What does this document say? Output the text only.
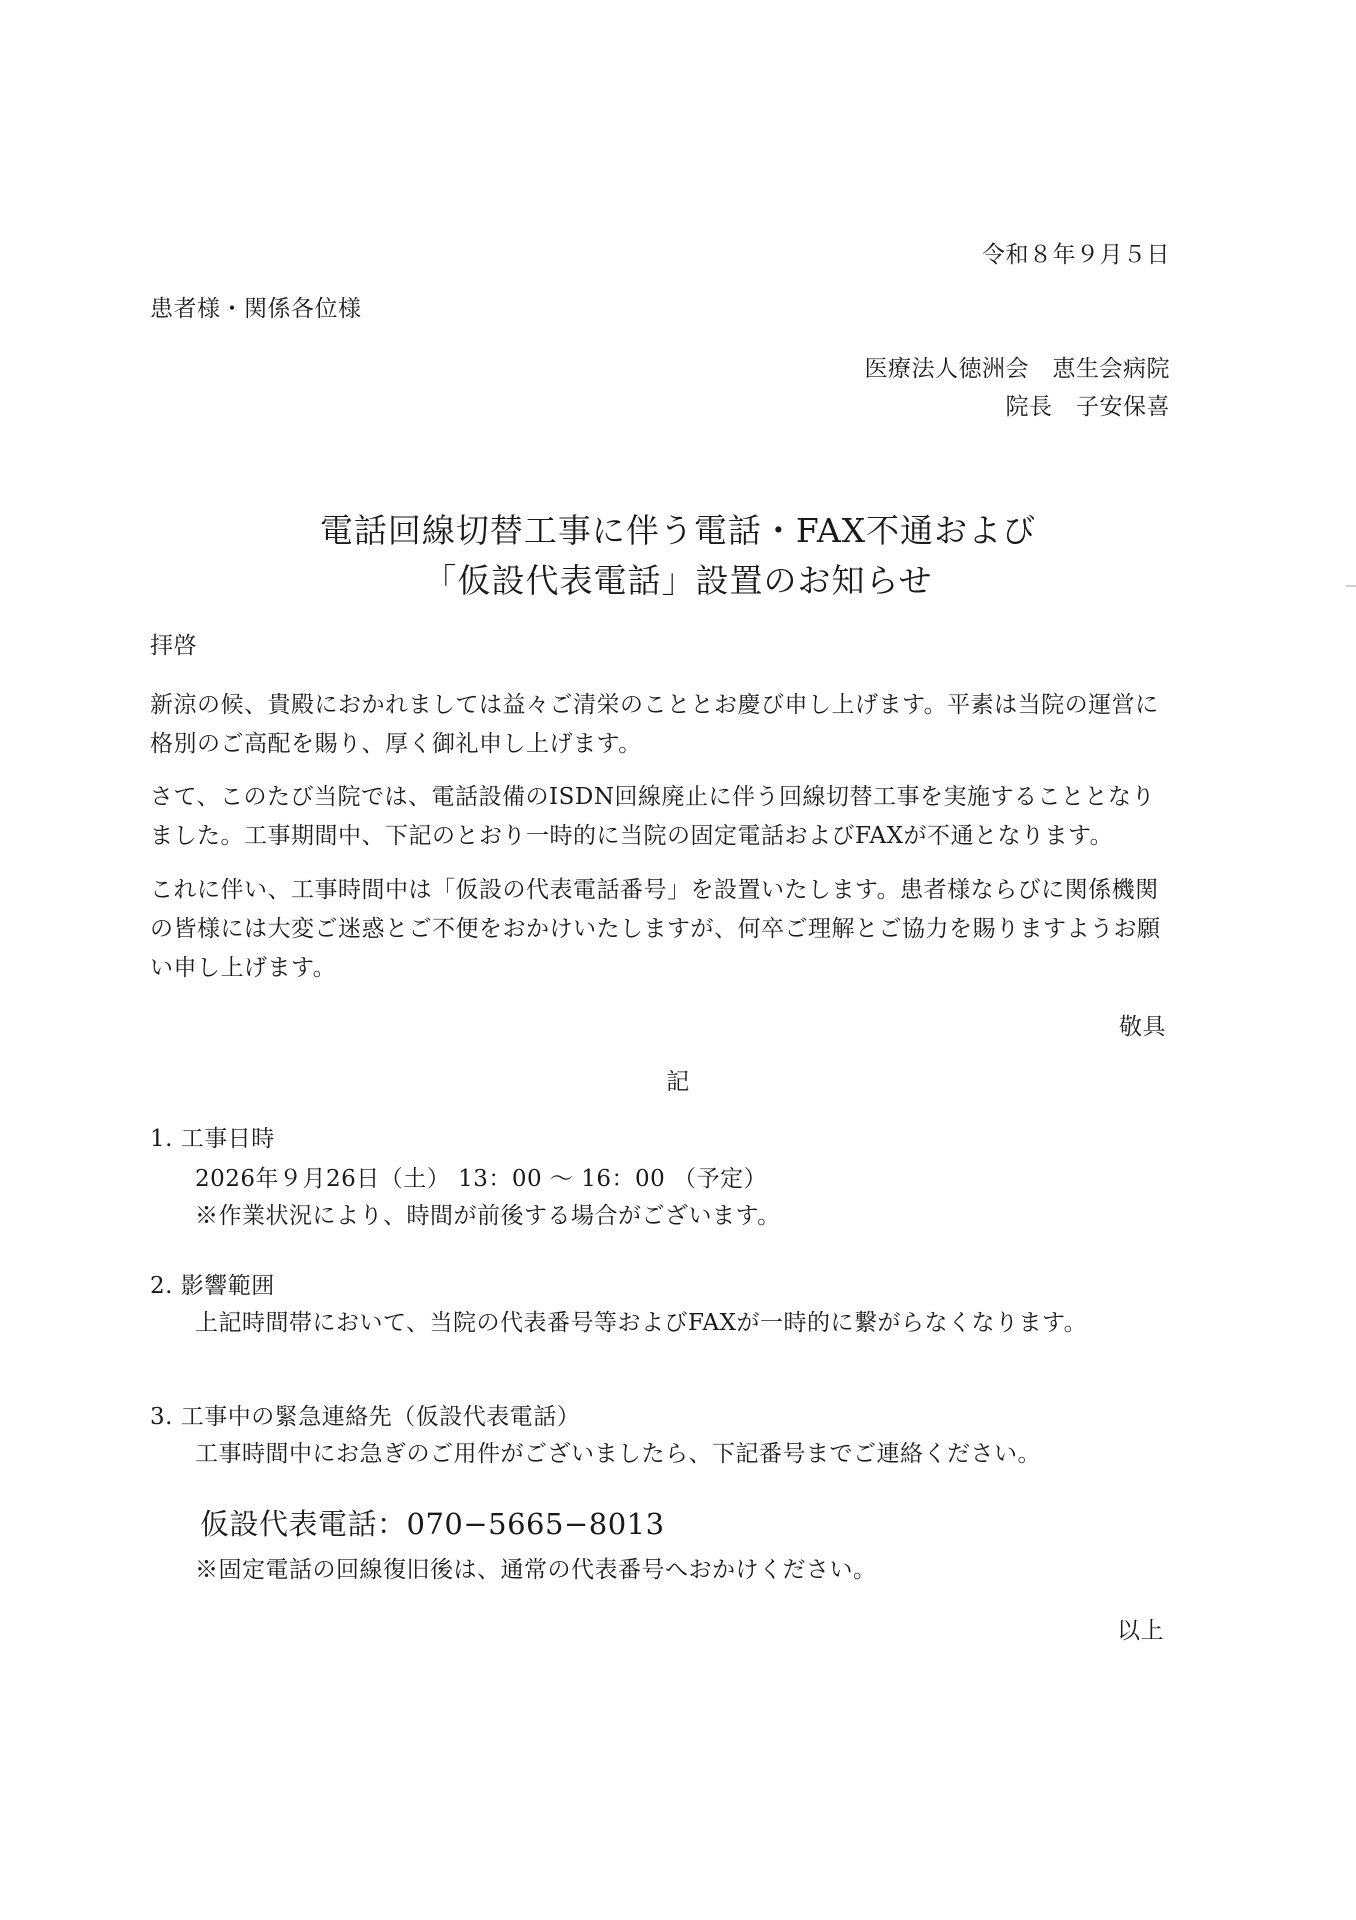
令和８年９月５日
患者様・関係各位様
医療法人徳洲会　恵生会病院
院長　子安保喜
電話回線切替工事に伴う電話・FAX不通および
「仮設代表電話」設置のお知らせ
拝啓
新涼の候、貴殿におかれましては益々ご清栄のこととお慶び申し上げます。平素は当院の運営に格別のご高配を賜り、厚く御礼申し上げます。
さて、このたび当院では、電話設備のISDN回線廃止に伴う回線切替工事を実施することとなりました。工事期間中、下記のとおり一時的に当院の固定電話およびFAXが不通となります。
これに伴い、工事時間中は「仮設の代表電話番号」を設置いたします。患者様ならびに関係機関の皆様には大変ご迷惑とご不便をおかけいたしますが、何卒ご理解とご協力を賜りますようお願い申し上げます。
敬具
記
1. 工事日時
2026年９月26日（土） 13：00 ～ 16：00 （予定）
※作業状況により、時間が前後する場合がございます。
2. 影響範囲
上記時間帯において、当院の代表番号等およびFAXが一時的に繋がらなくなります。
3. 工事中の緊急連絡先（仮設代表電話）
工事時間中にお急ぎのご用件がございましたら、下記番号までご連絡ください。
仮設代表電話：070−5665−8013
※固定電話の回線復旧後は、通常の代表番号へおかけください。
以上
